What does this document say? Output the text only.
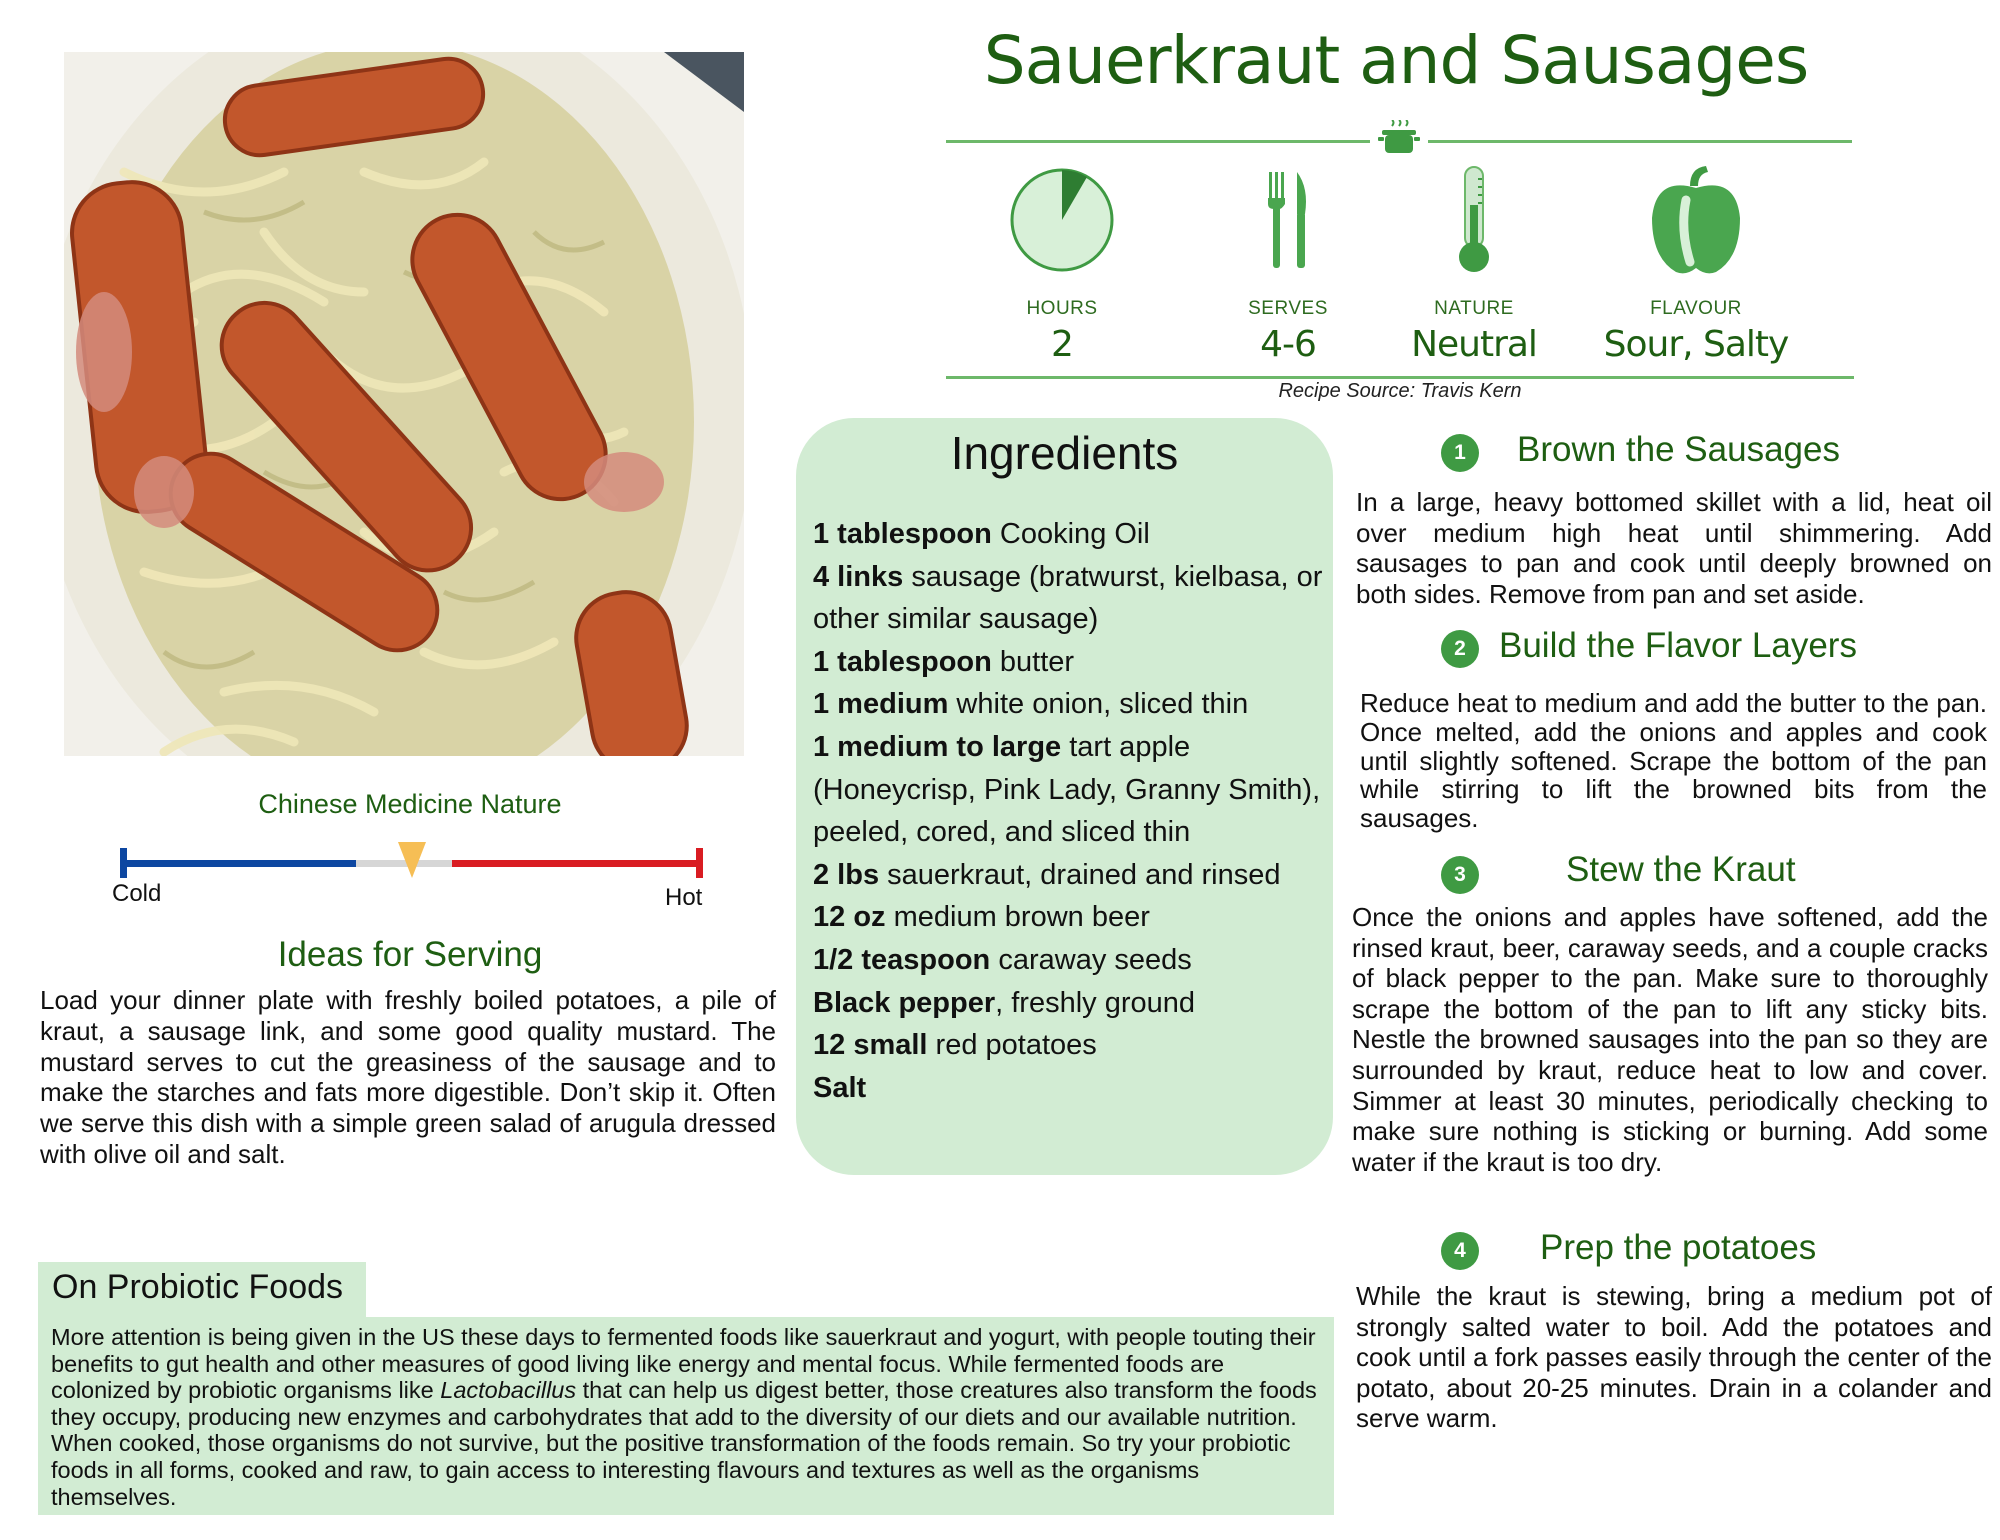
Sauerkraut and Sausages
HOURS
2
SERVES
4-6
NATURE
Neutral
FLAVOUR
Sour, Salty
Recipe Source: Travis Kern
Ingredients
1 tablespoon Cooking Oil
4 links sausage (bratwurst, kielbasa, or other similar sausage)
1 tablespoon butter
1 medium white onion, sliced thin
1 medium to large tart apple (Honeycrisp, Pink Lady, Granny Smith), peeled, cored, and sliced thin
2 lbs sauerkraut, drained and rinsed
12 oz medium brown beer
1/2 teaspoon caraway seeds
Black pepper, freshly ground
12 small red potatoes
Salt
Chinese Medicine Nature
Cold	Hot
Ideas for Serving
Load your dinner plate with freshly boiled potatoes, a pile of kraut, a sausage link, and some good quality mustard. The mustard serves to cut the greasiness of the sausage and to make the starches and fats more digestible. Don’t skip it. Often we serve this dish with a simple green salad of arugula dressed with olive oil and salt.
1	Brown the Sausages
In a large, heavy bottomed skillet with a lid, heat oil over medium high heat until shimmering. Add sausages to pan and cook until deeply browned on both sides. Remove from pan and set aside.
2 Build the Flavor Layers
Reduce heat to medium and add the butter to the pan. Once melted, add the onions and apples and cook until slightly softened. Scrape the bottom of the pan while stirring to lift the browned bits from the sausages.
3	Stew the Kraut
Once the onions and apples have softened, add the rinsed kraut, beer, caraway seeds, and a couple cracks of black pepper to the pan. Make sure to thoroughly scrape the bottom of the pan to lift any sticky bits. Nestle the browned sausages into the pan so they are surrounded by kraut, reduce heat to low and cover. Simmer at least 30 minutes, periodically checking to make sure nothing is sticking or burning. Add some water if the kraut is too dry.
4	Prep the potatoes
While the kraut is stewing, bring a medium pot of strongly salted water to boil. Add the potatoes and cook until a fork passes easily through the center of the potato, about 20-25 minutes. Drain in a colander and serve warm.
On Probiotic Foods
More attention is being given in the US these days to fermented foods like sauerkraut and yogurt, with people touting their benefits to gut health and other measures of good living like energy and mental focus. While fermented foods are colonized by probiotic organisms like Lactobacillus that can help us digest better, those creatures also transform the foods they occupy, producing new enzymes and carbohydrates that add to the diversity of our diets and our available nutrition. When cooked, those organisms do not survive, but the positive transformation of the foods remain. So try your probiotic foods in all forms, cooked and raw, to gain access to interesting flavours and textures as well as the organisms themselves.
